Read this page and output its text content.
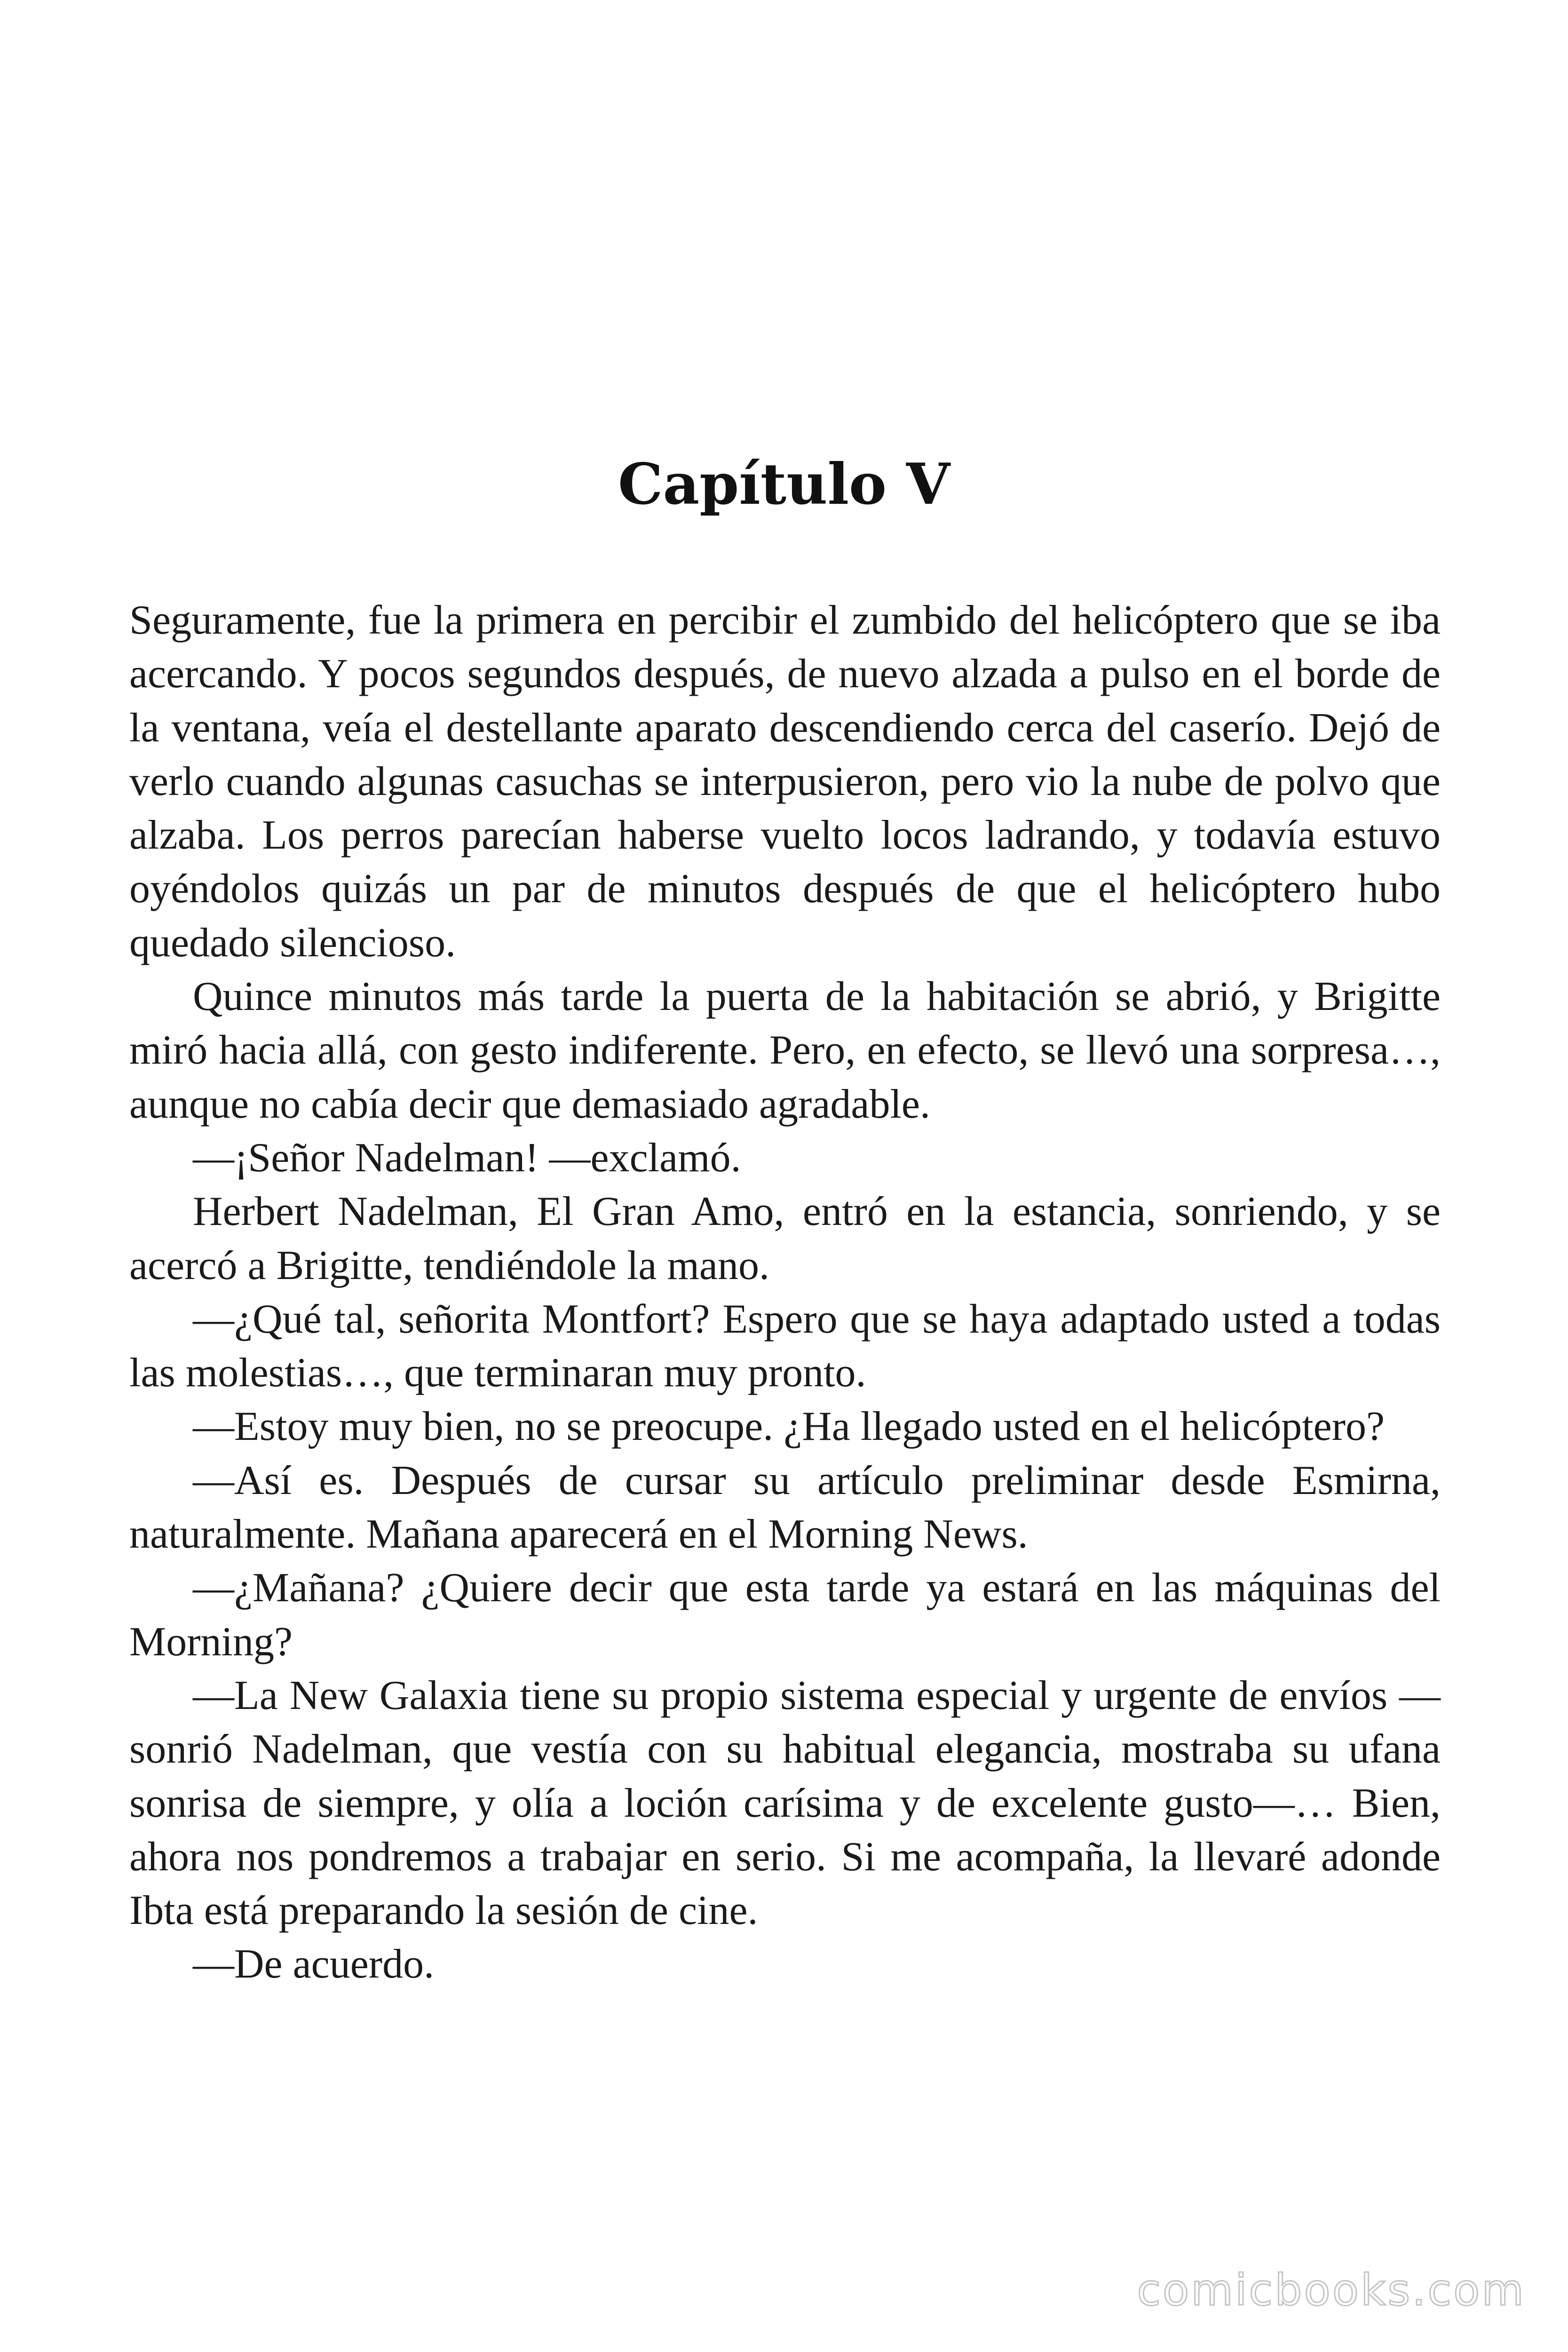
Capítulo V

Seguramente, fue la primera en percibir el zumbido del helicóptero que se iba acercando. Y pocos segundos después, de nuevo alzada a pulso en el borde de la ventana, veía el destellante aparato descendiendo cerca del caserío. Dejó de verlo cuando algunas casuchas se interpusieron, pero vio la nube de polvo que alzaba. Los perros parecían haberse vuelto locos ladrando, y todavía estuvo oyéndolos quizás un par de minutos después de que el helicóptero hubo quedado silencioso.

Quince minutos más tarde la puerta de la habitación se abrió, y Brigitte miró hacia allá, con gesto indiferente. Pero, en efecto, se llevó una sorpresa…, aunque no cabía decir que demasiado agradable.

—¡Señor Nadelman! —exclamó.

Herbert Nadelman, El Gran Amo, entró en la estancia, sonriendo, y se acercó a Brigitte, tendiéndole la mano.

—¿Qué tal, señorita Montfort? Espero que se haya adaptado usted a todas las molestias…, que terminaran muy pronto.

—Estoy muy bien, no se preocupe. ¿Ha llegado usted en el helicóptero?

—Así es. Después de cursar su artículo preliminar desde Esmirna, naturalmente. Mañana aparecerá en el Morning News.

—¿Mañana? ¿Quiere decir que esta tarde ya estará en las máquinas del Morning?

—La New Galaxia tiene su propio sistema especial y urgente de envíos —sonrió Nadelman, que vestía con su habitual elegancia, mostraba su ufana sonrisa de siempre, y olía a loción carísima y de excelente gusto—… Bien, ahora nos pondremos a trabajar en serio. Si me acompaña, la llevaré adonde Ibta está preparando la sesión de cine.

—De acuerdo.

comicbooks.com
